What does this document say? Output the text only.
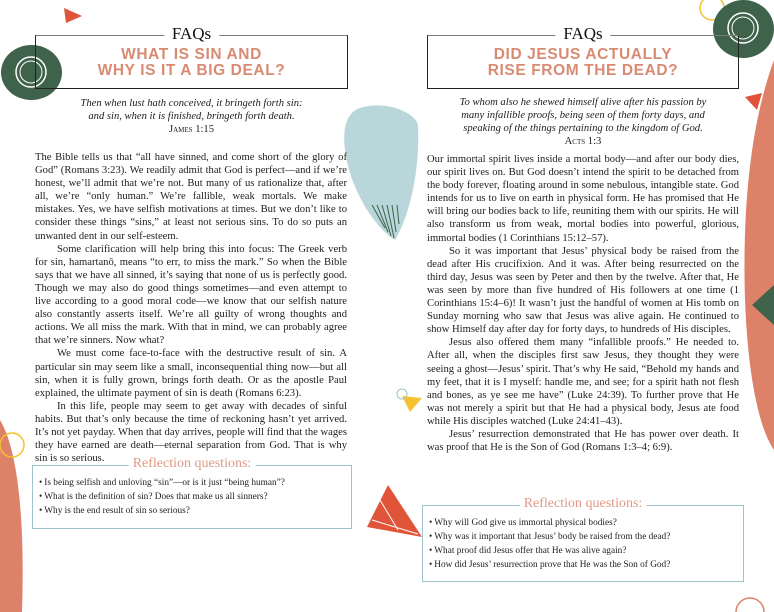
FAQs
WHAT IS SIN AND
WHY IS IT A BIG DEAL?
Then when lust hath conceived, it bringeth forth sin:
and sin, when it is finished, bringeth forth death.
James 1:15

The Bible tells us that “all have sinned, and come short of the glory of God” (Romans 3:23). We readily admit that God is perfect—and if we’re honest, we’ll admit that we’re not. But many of us rationalize that, after all, we’re “only human.” We’re fallible, weak mortals. We make mistakes. Yes, we have selfish motivations at times. But we don’t like to consider these things “sins,” at least not serious sins. To do so puts an unwanted dent in our self-esteem.

Some clarification will help bring this into focus: The Greek verb for sin, hamartanō, means “to err, to miss the mark.” So when the Bible says that we have all sinned, it’s saying that none of us is perfectly good. Though we may also do good things sometimes—and even attempt to live according to a good moral code—we know that our selfish nature also constantly asserts itself. We’re all guilty of wrong thoughts and actions. We all miss the mark. With that in mind, we can probably agree that we’re sinners. Now what?

We must come face-to-face with the destructive result of sin. A particular sin may seem like a small, inconsequential thing now—but all sin, when it is fully grown, brings forth death. Or as the apostle Paul explained, the ultimate payment of sin is death (Romans 6:23).

In this life, people may seem to get away with decades of sinful habits. But that’s only because the time of reckoning hasn’t yet arrived. It’s not yet payday. When that day arrives, people will find that the wages they have earned are death—eternal separation from God. That is why sin is so serious.	Reflection questions:
• Is being selfish and unloving “sin”—or is it just “being human”?
• What is the definition of sin? Does that make us all sinners?
• Why is the end result of sin so serious?
FAQs
DID JESUS ACTUALLY
RISE FROM THE DEAD?
To whom also he shewed himself alive after his passion by
many infallible proofs, being seen of them forty days, and
speaking of the things pertaining to the kingdom of God.
Acts 1:3

Our immortal spirit lives inside a mortal body—and after our body dies, our spirit lives on. But God doesn’t intend the spirit to be detached from the body forever, floating around in some nebulous, intangible state. God intends for us to live on earth in physical form. He has promised that He will bring our bodies back to life, reuniting them with our spirits. He will also transform us from weak, mortal bodies into powerful, glorious, immortal bodies (1 Corinthians 15:12–57).

So it was important that Jesus’ physical body be raised from the dead after His crucifixion. And it was. After being resurrected on the third day, Jesus was seen by Peter and then by the twelve. After that, He was seen by more than five hundred of His followers at one time (1 Corinthians 15:4–6)! It wasn’t just the handful of women at His tomb on Sunday morning who saw that Jesus was alive again. He continued to show Himself day after day for forty days, to hundreds of His disciples.

Jesus also offered them many “infallible proofs.” He needed to. After all, when the disciples first saw Jesus, they thought they were seeing a ghost—Jesus’ spirit. That’s why He said, “Behold my hands and my feet, that it is I myself: handle me, and see; for a spirit hath not flesh and bones, as ye see me have” (Luke 24:39). To further prove that He was not merely a spirit but that He had a physical body, Jesus ate food while His disciples watched (Luke 24:41–43).

Jesus’ resurrection demonstrated that He has power over death. It was proof that He is the Son of God (Romans 1:3–4; 6:9).

Reflection questions:
• Why will God give us immortal physical bodies?
• Why was it important that Jesus’ body be raised from the dead?
• What proof did Jesus offer that He was alive again?
• How did Jesus’ resurrection prove that He was the Son of God?
